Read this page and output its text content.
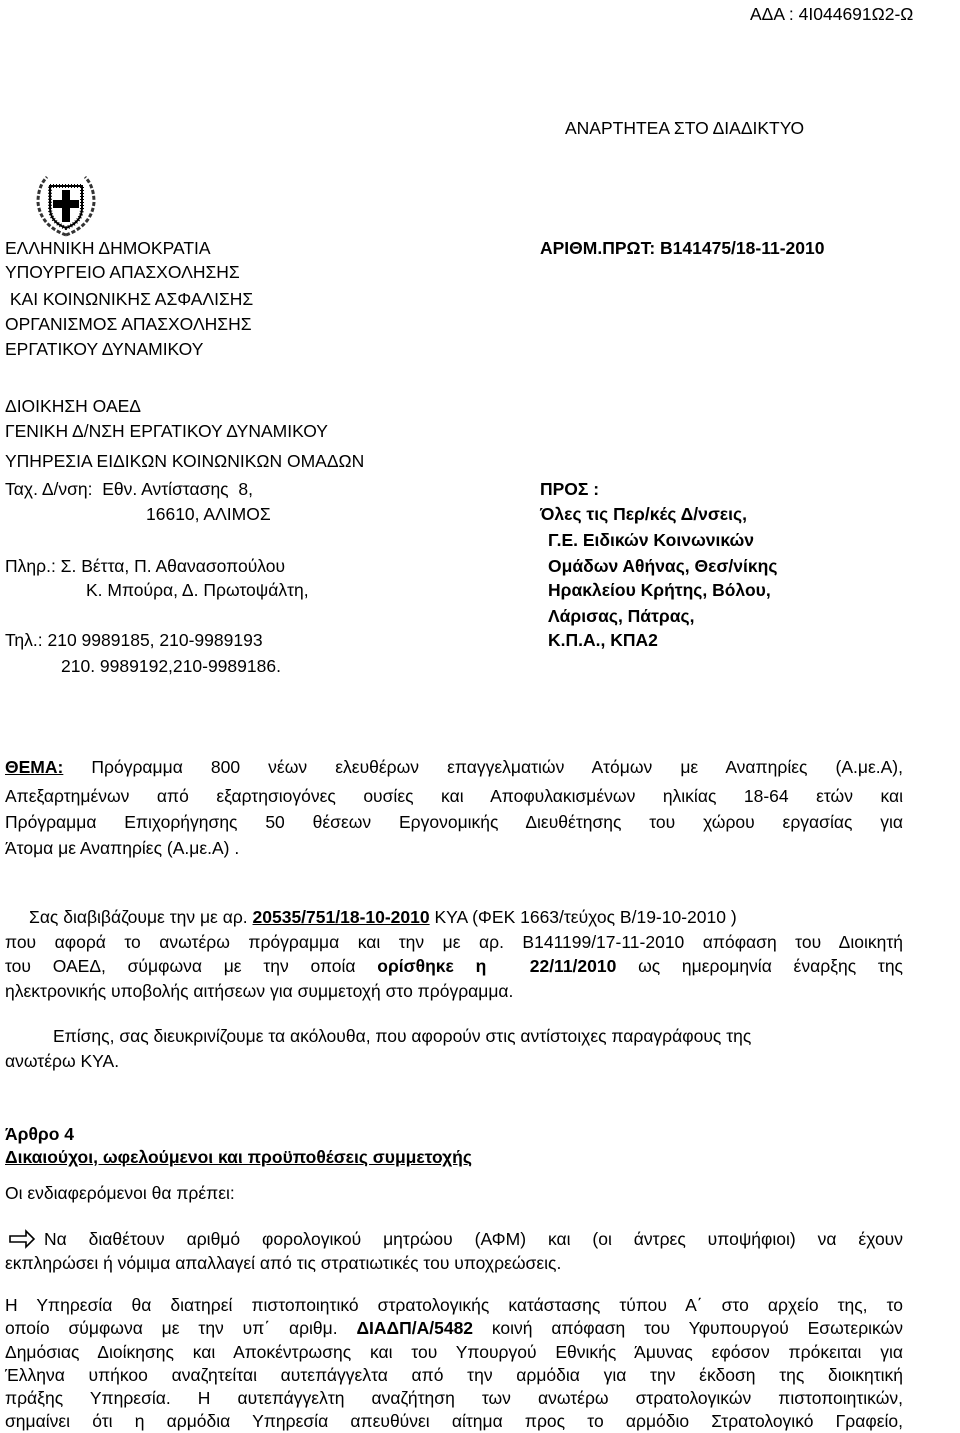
ΑΔΑ : 4Ι044691Ω2-Ω
ΑΝΑΡΤΗΤΕΑ ΣΤΟ ΔΙΑΔΙΚΤΥΟ
ΕΛΛΗΝΙΚΗ ΔΗΜΟΚΡΑΤΙΑ
ΥΠΟΥΡΓΕΙΟ ΑΠΑΣΧΟΛΗΣΗΣ
ΚΑΙ ΚΟΙΝΩΝΙΚΗΣ ΑΣΦΑΛΙΣΗΣ
ΟΡΓΑΝΙΣΜΟΣ ΑΠΑΣΧΟΛΗΣΗΣ
ΕΡΓΑΤΙΚΟΥ ΔΥΝΑΜΙΚΟΥ
ΔΙΟΙΚΗΣΗ ΟΑΕΔ
ΓΕΝΙΚΗ Δ/ΝΣΗ ΕΡΓΑΤΙΚΟΥ ΔΥΝΑΜΙΚΟΥ
ΥΠΗΡΕΣΙΑ ΕΙΔΙΚΩΝ ΚΟΙΝΩΝΙΚΩΝ ΟΜΑΔΩΝ
Ταχ. Δ/νση:  Εθν. Αντίστασης  8,
16610, ΑΛΙΜΟΣ
Πληρ.: Σ. Βέττα, Π. Αθανασοπούλου
Κ. Μπούρα, Δ. Πρωτοψάλτη,
Τηλ.: 210 9989185, 210-9989193
210. 9989192,210-9989186.
ΑΡΙΘΜ.ΠΡΩΤ: Β141475/18-11-2010
ΠΡΟΣ :
Όλες τις Περ/κές Δ/νσεις,
Γ.Ε. Ειδικών Κοινωνικών
Ομάδων Αθήνας, Θεσ/νίκης
Ηρακλείου Κρήτης, Βόλου,
Λάρισας, Πάτρας,
Κ.Π.Α., ΚΠΑ2
ΘΕΜΑ: Πρόγραμμα 800 νέων ελευθέρων επαγγελματιών Ατόμων με Αναπηρίες (Α.με.Α),
Απεξαρτημένων από εξαρτησιογόνες ουσίες και Αποφυλακισμένων ηλικίας 18-64 ετών και
Πρόγραμμα Επιχορήγησης 50 θέσεων Εργονομικής Διευθέτησης του χώρου εργασίας για
Άτομα με Αναπηρίες (Α.με.Α) .
Σας διαβιβάζουμε την με αρ. 20535/751/18-10-2010 ΚΥΑ (ΦΕΚ 1663/τεύχος Β/19-10-2010 )
που αφορά το ανωτέρω πρόγραμμα και την με αρ. Β141199/17-11-2010 απόφαση του Διοικητή
του ΟΑΕΔ, σύμφωνα με την οποία ορίσθηκε η  22/11/2010 ως ημερομηνία έναρξης της
ηλεκτρονικής υποβολής αιτήσεων για συμμετοχή στο πρόγραμμα.
Επίσης, σας διευκρινίζουμε τα ακόλουθα, που αφορούν στις αντίστοιχες παραγράφους της
ανωτέρω ΚΥΑ.
Άρθρο 4
Δικαιούχοι, ωφελούμενοι και προϋποθέσεις συμμετοχής
Οι ενδιαφερόμενοι θα πρέπει:
Να διαθέτουν αριθμό φορολογικού μητρώου (ΑΦΜ) και (οι άντρες υποψήφιοι) να έχουν
εκπληρώσει ή νόμιμα απαλλαγεί από τις στρατιωτικές του υποχρεώσεις.
Η Υπηρεσία θα διατηρεί πιστοποιητικό στρατολογικής κατάστασης τύπου Α΄ στο αρχείο της, το
οποίο σύμφωνα με την υπ΄ αριθμ. ΔΙΑΔΠ/Α/5482 κοινή απόφαση του Υφυπουργού Εσωτερικών
Δημόσιας Διοίκησης και Αποκέντρωσης και του Υπουργού Εθνικής Άμυνας εφόσον πρόκειται για
Έλληνα υπήκοο αναζητείται αυτεπάγγελτα από την αρμόδια για την έκδοση της διοικητική
πράξης Υπηρεσία. Η αυτεπάγγελτη αναζήτηση των ανωτέρω στρατολογικών πιστοποιητικών,
σημαίνει ότι η αρμόδια Υπηρεσία απευθύνει αίτημα προς το αρμόδιο Στρατολογικό Γραφείο,
